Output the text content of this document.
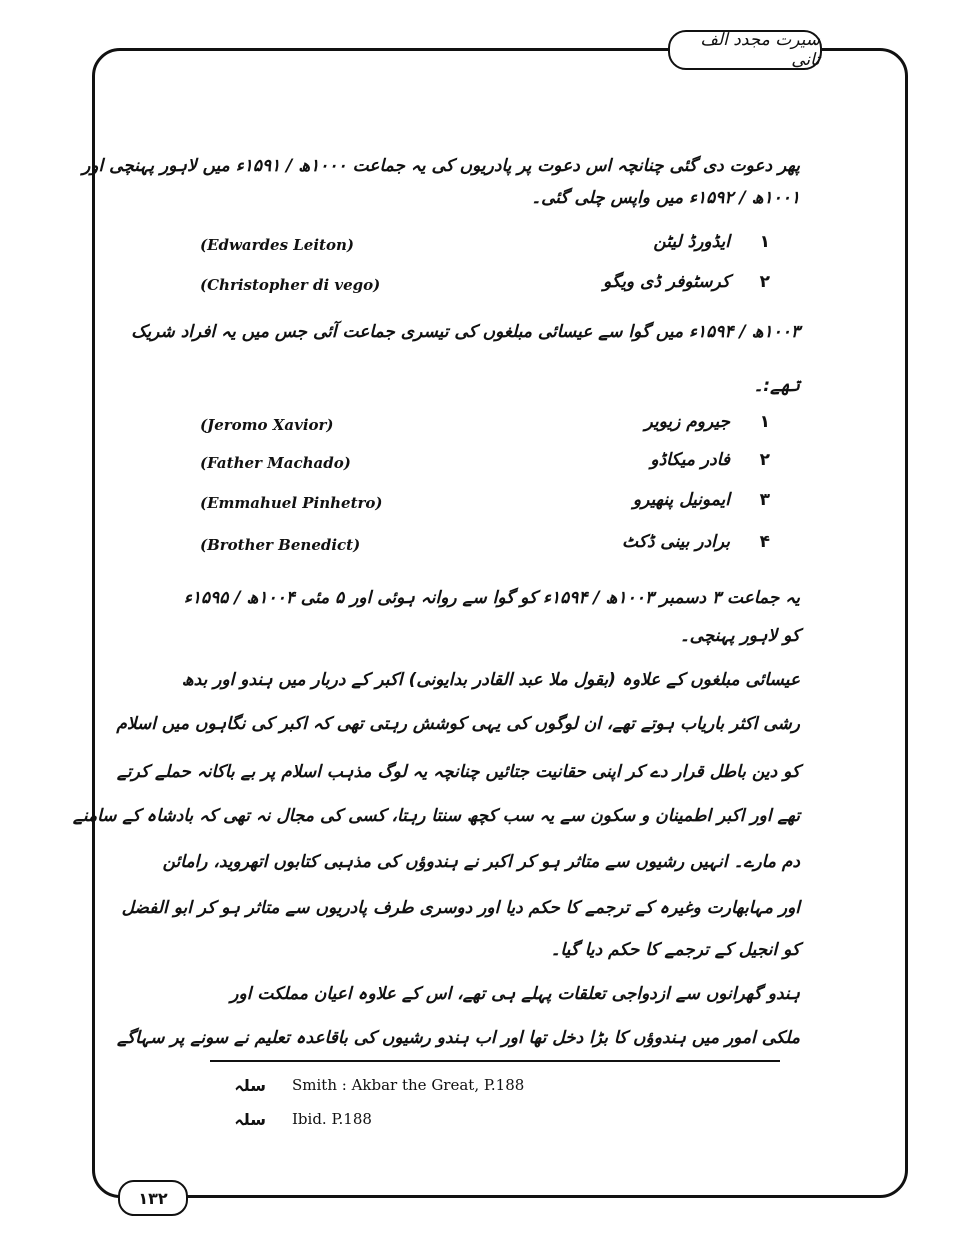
سیرت مجدد الف ثانی
پھر دعوت دی گئی چنانچہ اس دعوت پر پادریوں کی یہ جماعت ۱۰۰۰ھ / ۱۵۹۱ء میں لاہور پہنچی اور
۱۰۰۱ھ / ۱۵۹۲ء میں واپس چلی گئی۔
۱
ایڈورڈ لیٹن
(Edwardes Leiton)
۲
کرسٹوفر ڈی ویگو
(Christopher di vego)
۱۰۰۳ھ / ۱۵۹۴ء میں گوا سے عیسائی مبلغوں کی تیسری جماعت آئی جس میں یہ افراد شریک
تھے:۔
۱
جیروم زیویر
(Jeromo Xavior)
۲
فادر میکاڈو
(Father Machado)
۳
ایمونیل پنھیرو
(Emmahuel Pinhetro)
۴
برادر بینی ڈکٹ
(Brother Benedict)
یہ جماعت ۳ دسمبر ۱۰۰۳ھ / ۱۵۹۴ء کو گوا سے روانہ ہوئی اور ۵ مئی ۱۰۰۴ھ / ۱۵۹۵ء
کو لاہور پہنچی۔
عیسائی مبلغوں کے علاوہ (بقول ملا عبد القادر بدایونی) اکبر کے دربار میں ہندو اور بدھ
رشی اکثر باریاب ہوتے تھے، ان لوگوں کی یہی کوشش رہتی تھی کہ اکبر کی نگاہوں میں اسلام
کو دین باطل قرار دے کر اپنی حقانیت جتائیں چنانچہ یہ لوگ مذہب اسلام پر بے باکانہ حملے کرتے
تھے اور اکبر اطمینان و سکون سے یہ سب کچھ سنتا رہتا، کسی کی مجال نہ تھی کہ بادشاہ کے سامنے
دم مارے۔ انہیں رشیوں سے متاثر ہو کر اکبر نے ہندوؤں کی مذہبی کتابوں اتھروید، رامائن
اور مہابھارت وغیرہ کے ترجمے کا حکم دیا اور دوسری طرف پادریوں سے متاثر ہو کر ابو الفضل
کو انجیل کے ترجمے کا حکم دیا گیا۔
ہندو گھرانوں سے ازدواجی تعلقات پہلے ہی تھے، اس کے علاوہ اعیان مملکت اور
ملکی امور میں ہندوؤں کا بڑا دخل تھا اور اب ہندو رشیوں کی باقاعدہ تعلیم نے سونے پر سہاگے
سلہ Smith : Akbar the Great, P.188
سلہ Ibid. P.188
۱۳۲
